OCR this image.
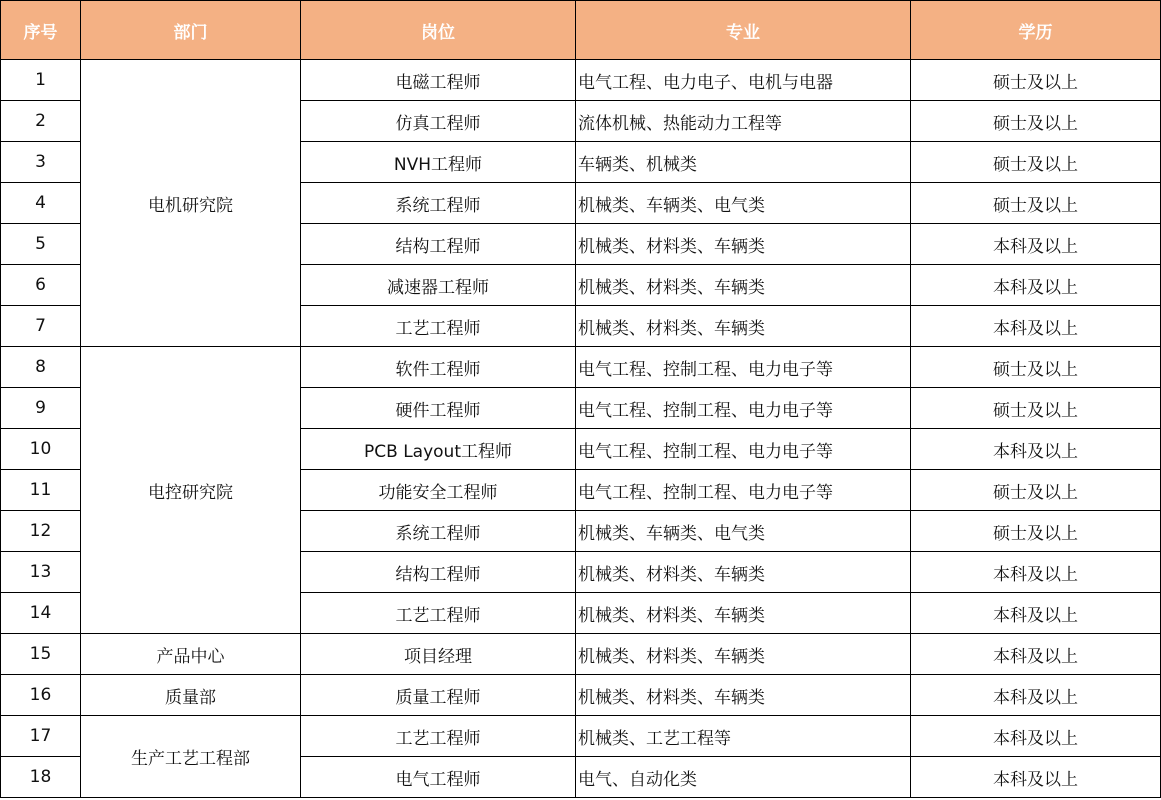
序号	部门	岗位	专业	学历
1	电机研究院	电磁工程师	电气工程、电力电子、电机与电器	硕士及以上
2		仿真工程师	流体机械、热能动力工程等	硕士及以上
3		NVH工程师	车辆类、机械类	硕士及以上
4		系统工程师	机械类、车辆类、电气类	硕士及以上
5		结构工程师	机械类、材料类、车辆类	本科及以上
6		减速器工程师	机械类、材料类、车辆类	本科及以上
7		工艺工程师	机械类、材料类、车辆类	本科及以上
8	电控研究院	软件工程师	电气工程、控制工程、电力电子等	硕士及以上
9		硬件工程师	电气工程、控制工程、电力电子等	硕士及以上
10		PCB Layout工程师	电气工程、控制工程、电力电子等	本科及以上
11		功能安全工程师	电气工程、控制工程、电力电子等	硕士及以上
12		系统工程师	机械类、车辆类、电气类	硕士及以上
13		结构工程师	机械类、材料类、车辆类	本科及以上
14		工艺工程师	机械类、材料类、车辆类	本科及以上
15	产品中心	项目经理	机械类、材料类、车辆类	本科及以上
16	质量部	质量工程师	机械类、材料类、车辆类	本科及以上
17	生产工艺工程部	工艺工程师	机械类、工艺工程等	本科及以上
18		电气工程师	电气、自动化类	本科及以上
